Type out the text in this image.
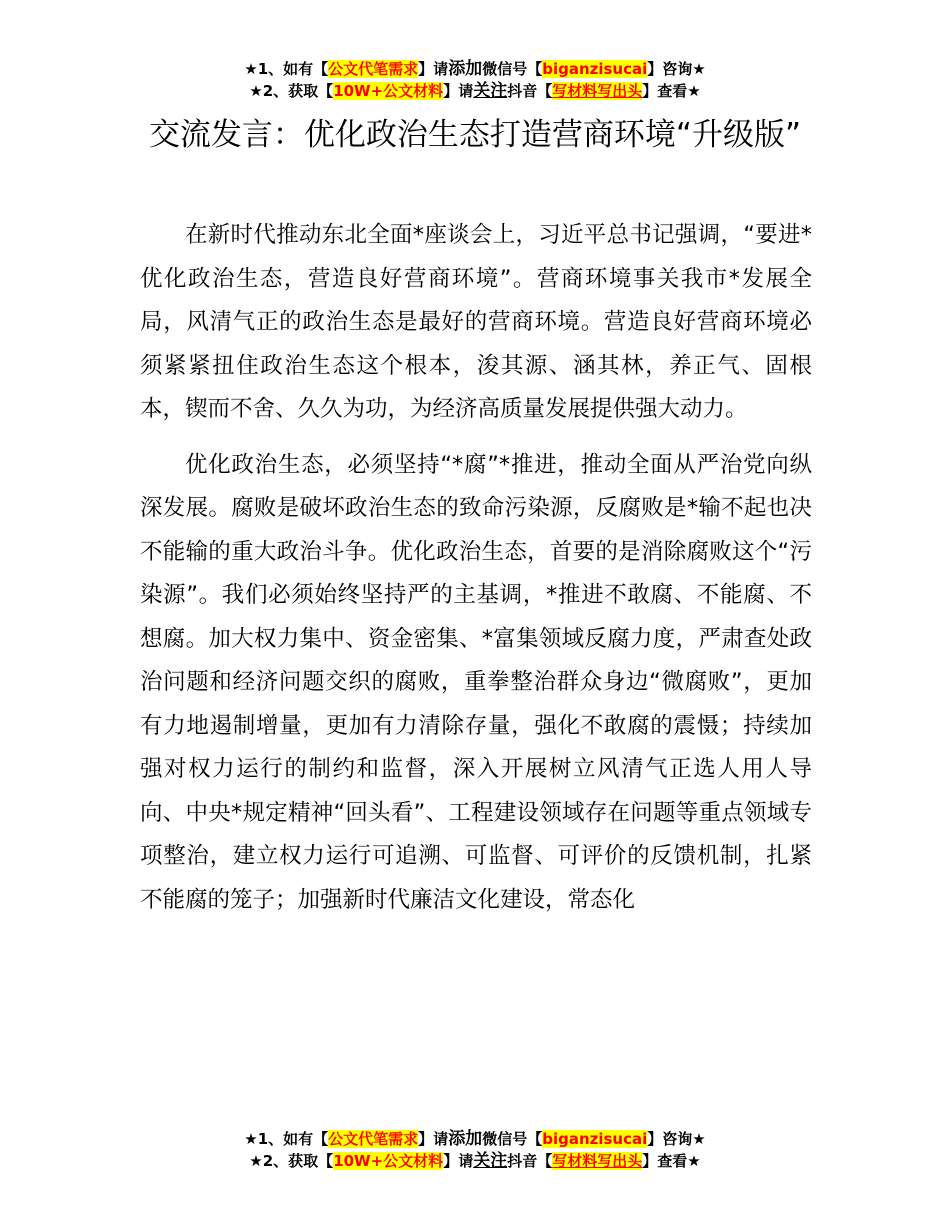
★1、如有【公文代笔需求】请添加微信号【biganzisucai】咨询★
★2、获取【10W+公文材料】请关注抖音【写材料写出头】查看★
交流发言：优化政治生态打造营商环境“升级版”

在新时代推动东北全面*座谈会上，习近平总书记强调，“要进*优化政治生态，营造良好营商环境”。营商环境事关我市*发展全局，风清气正的政治生态是最好的营商环境。营造良好营商环境必须紧紧扭住政治生态这个根本，浚其源、涵其林，养正气、固根本，锲而不舍、久久为功，为经济高质量发展提供强大动力。

优化政治生态，必须坚持“*腐”*推进，推动全面从严治党向纵深发展。腐败是破坏政治生态的致命污染源，反腐败是*输不起也决不能输的重大政治斗争。优化政治生态，首要的是消除腐败这个“污染源”。我们必须始终坚持严的主基调，*推进不敢腐、不能腐、不想腐。加大权力集中、资金密集、*富集领域反腐力度，严肃查处政治问题和经济问题交织的腐败，重拳整治群众身边“微腐败”，更加有力地遏制增量，更加有力清除存量，强化不敢腐的震慑；持续加强对权力运行的制约和监督，深入开展树立风清气正选人用人导向、中央*规定精神“回头看”、工程建设领域存在问题等重点领域专项整治，建立权力运行可追溯、可监督、可评价的反馈机制，扎紧不能腐的笼子；加强新时代廉洁文化建设，常态化

★1、如有【公文代笔需求】请添加微信号【biganzisucai】咨询★
★2、获取【10W+公文材料】请关注抖音【写材料写出头】查看★
